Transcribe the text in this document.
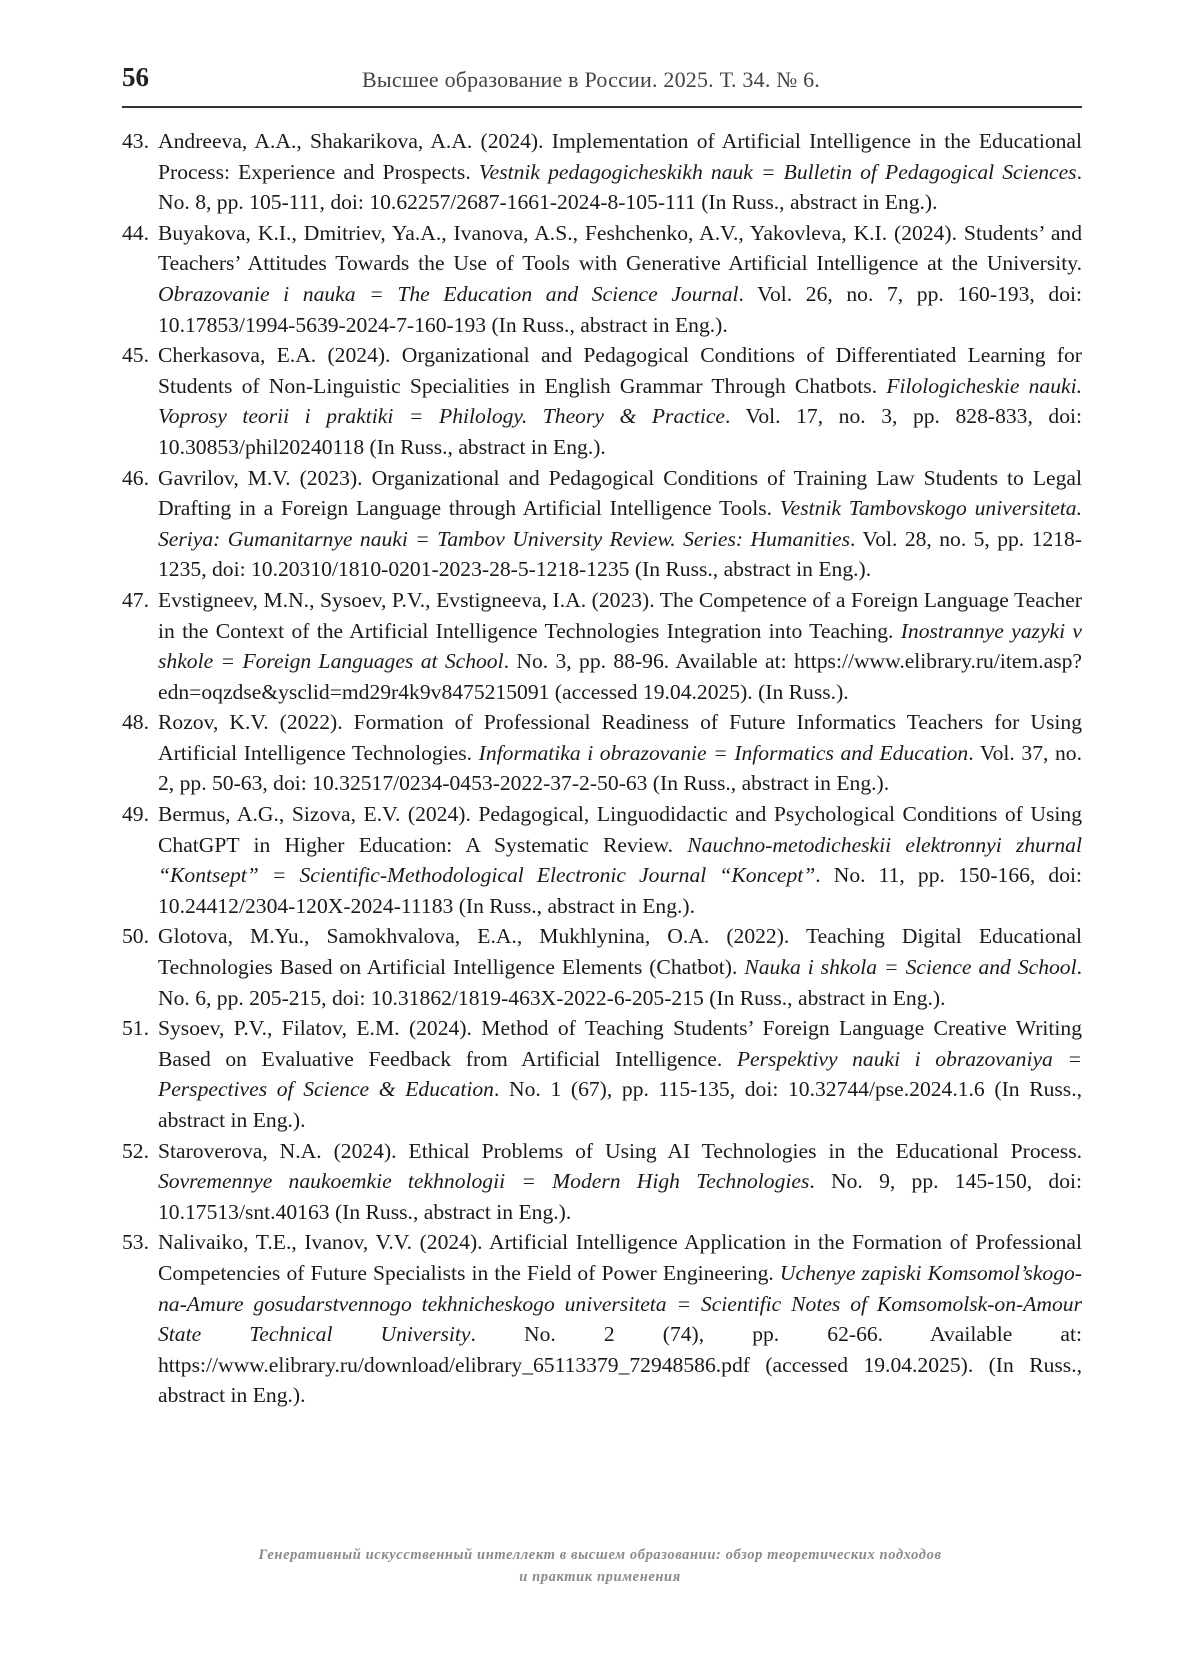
56	Высшее образование в России. 2025. Т. 34. № 6.

43. Andreeva, A.A., Shakarikova, A.A. (2024). Implementation of Artificial Intelligence in the Educational Process: Experience and Prospects. Vestnik pedagogicheskikh nauk = Bulletin of Pedagogical Sciences. No. 8, pp. 105-111, doi: 10.62257/2687-1661-2024-8-105-111 (In Russ., abstract in Eng.).

44. Buyakova, K.I., Dmitriev, Ya.A., Ivanova, A.S., Feshchenko, A.V., Yakovleva, K.I. (2024). Students’ and Teachers’ Attitudes Towards the Use of Tools with Generative Artificial Intelligence at the University. Obrazovanie i nauka = The Education and Science Journal. Vol. 26, no. 7, pp. 160-193, doi: 10.17853/1994-5639-2024-7-160-193 (In Russ., abstract in Eng.).

45. Cherkasova, E.A. (2024). Organizational and Pedagogical Conditions of Differentiated Learning for Students of Non-Linguistic Specialities in English Grammar Through Chatbots. Filologicheskie nauki. Voprosy teorii i praktiki = Philology. Theory & Practice. Vol. 17, no. 3, pp. 828-833, doi: 10.30853/phil20240118 (In Russ., abstract in Eng.).

46. Gavrilov, M.V. (2023). Organizational and Pedagogical Conditions of Training Law Students to Legal Drafting in a Foreign Language through Artificial Intelligence Tools. Vestnik Tambovskogo universiteta. Seriya: Gumanitarnye nauki = Tambov University Review. Series: Humanities. Vol. 28, no. 5, pp. 1218-1235, doi: 10.20310/1810-0201-2023-28-5-1218-1235 (In Russ., abstract in Eng.).

47. Evstigneev, M.N., Sysoev, P.V., Evstigneeva, I.A. (2023). The Competence of a Foreign Language Teacher in the Context of the Artificial Intelligence Technologies Integration into Teaching. Inostrannye yazyki v shkole = Foreign Languages at School. No. 3, pp. 88-96. Available at: https://www.elibrary.ru/item.asp?edn=oqzdse&ysclid=md29r4k9v8475215091 (accessed 19.04.2025). (In Russ.).

48. Rozov, K.V. (2022). Formation of Professional Readiness of Future Informatics Teachers for Using Artificial Intelligence Technologies. Informatika i obrazovanie = Informatics and Education. Vol. 37, no. 2, pp. 50-63, doi: 10.32517/0234-0453-2022-37-2-50-63 (In Russ., abstract in Eng.).

49. Bermus, A.G., Sizova, E.V. (2024). Pedagogical, Linguodidactic and Psychological Conditions of Using ChatGPT in Higher Education: A Systematic Review. Nauchno-metodicheskii elektronnyi zhurnal “Kontsept” = Scientific-Methodological Electronic Journal “Koncept”. No. 11, pp. 150-166, doi: 10.24412/2304-120X-2024-11183 (In Russ., abstract in Eng.).

50. Glotova, M.Yu., Samokhvalova, E.A., Mukhlynina, O.A. (2022). Teaching Digital Educational Technologies Based on Artificial Intelligence Elements (Chatbot). Nauka i shkola = Science and School. No. 6, pp. 205-215, doi: 10.31862/1819-463X-2022-6-205-215 (In Russ., abstract in Eng.).

51. Sysoev, P.V., Filatov, E.M. (2024). Method of Teaching Students’ Foreign Language Creative Writing Based on Evaluative Feedback from Artificial Intelligence. Perspektivy nauki i obrazovaniya = Perspectives of Science & Education. No. 1 (67), pp. 115-135, doi: 10.32744/pse.2024.1.6 (In Russ., abstract in Eng.).

52. Staroverova, N.A. (2024). Ethical Problems of Using AI Technologies in the Educational Process. Sovremennye naukoemkie tekhnologii = Modern High Technologies. No. 9, pp. 145-150, doi: 10.17513/snt.40163 (In Russ., abstract in Eng.).

53. Nalivaiko, T.E., Ivanov, V.V. (2024). Artificial Intelligence Application in the Formation of Professional Competencies of Future Specialists in the Field of Power Engineering. Uchenye zapiski Komsomol’skogo-na-Amure gosudarstvennogo tekhnicheskogo universiteta = Scientific Notes of Komsomolsk-on-Amour State Technical University. No. 2 (74), pp. 62-66. Available at: https://www.elibrary.ru/download/elibrary_65113379_72948586.pdf (accessed 19.04.2025). (In Russ., abstract in Eng.).

Генеративный искусственный интеллект в высшем образовании: обзор теоретических подходов
и практик применения
